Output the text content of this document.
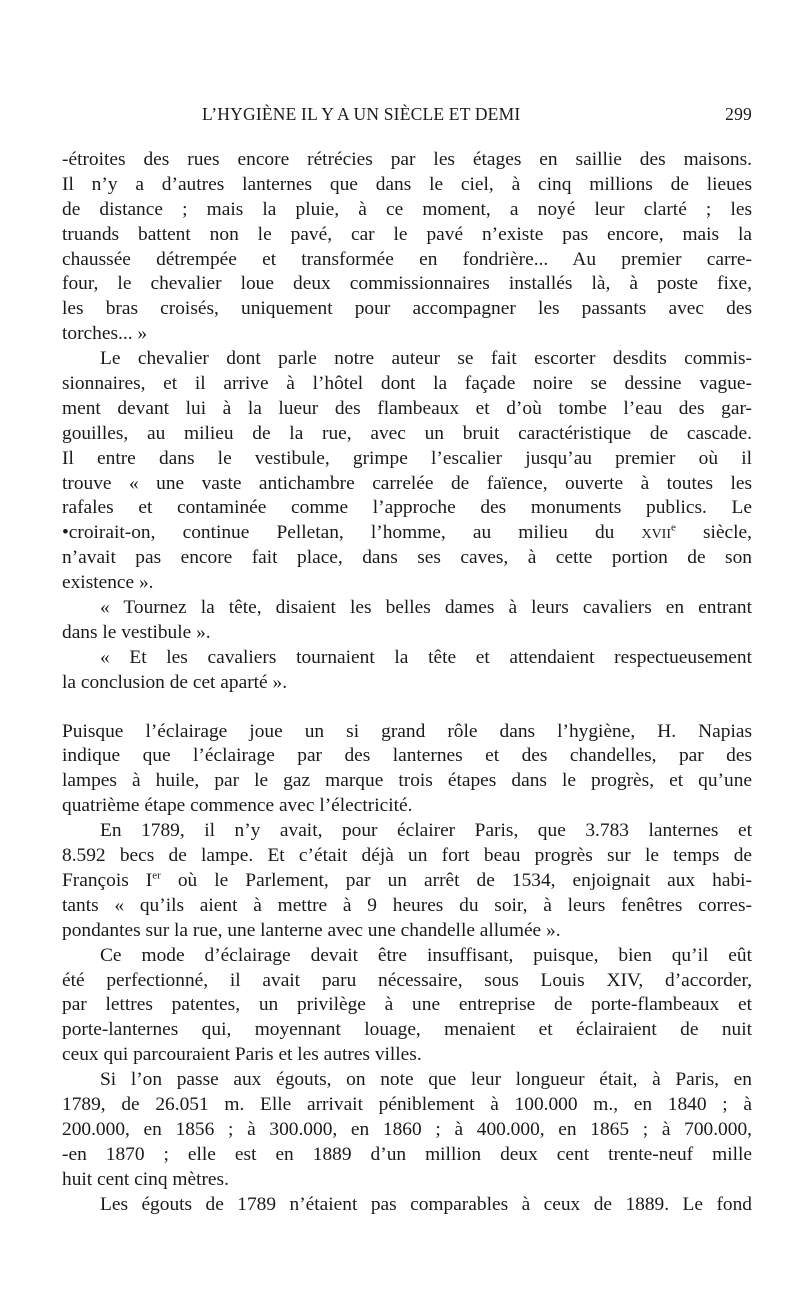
L’HYGIÈNE IL Y A UN SIÈCLE ET DEMI	299
-étroites des rues encore rétrécies par les étages en saillie des maisons.
Il n’y a d’autres lanternes que dans le ciel, à cinq millions de lieues
de distance ; mais la pluie, à ce moment, a noyé leur clarté ; les
truands battent non le pavé, car le pavé n’existe pas encore, mais la
chaussée détrempée et transformée en fondrière... Au premier carre-
four, le chevalier loue deux commissionnaires installés là, à poste fixe,
les bras croisés, uniquement pour accompagner les passants avec des
torches... »
Le chevalier dont parle notre auteur se fait escorter desdits commis-
sionnaires, et il arrive à l’hôtel dont la façade noire se dessine vague-
ment devant lui à la lueur des flambeaux et d’où tombe l’eau des gar-
gouilles, au milieu de la rue, avec un bruit caractéristique de cascade.
Il entre dans le vestibule, grimpe l’escalier jusqu’au premier où il
trouve « une vaste antichambre carrelée de faïence, ouverte à toutes les
rafales et contaminée comme l’approche des monuments publics. Le
•croirait-on, continue Pelletan, l’homme, au milieu du xvii$^e$ siècle,
n’avait pas encore fait place, dans ses caves, à cette portion de son
existence ».
« Tournez la tête, disaient les belles dames à leurs cavaliers en entrant
dans le vestibule ».
« Et les cavaliers tournaient la tête et attendaient respectueusement
la conclusion de cet aparté ».
Puisque l’éclairage joue un si grand rôle dans l’hygiène, H. Napias
indique que l’éclairage par des lanternes et des chandelles, par des
lampes à huile, par le gaz marque trois étapes dans le progrès, et qu’une
quatrième étape commence avec l’électricité.
En 1789, il n’y avait, pour éclairer Paris, que 3.783 lanternes et
8.592 becs de lampe. Et c’était déjà un fort beau progrès sur le temps de
François Ier où le Parlement, par un arrêt de 1534, enjoignait aux habi-
tants « qu’ils aient à mettre à 9 heures du soir, à leurs fenêtres corres-
pondantes sur la rue, une lanterne avec une chandelle allumée ».
Ce mode d’éclairage devait être insuffisant, puisque, bien qu’il eût
été perfectionné, il avait paru nécessaire, sous Louis XIV, d’accorder,
par lettres patentes, un privilège à une entreprise de porte-flambeaux et
porte-lanternes qui, moyennant louage, menaient et éclairaient de nuit
ceux qui parcouraient Paris et les autres villes.
Si l’on passe aux égouts, on note que leur longueur était, à Paris, en
1789, de 26.051 m. Elle arrivait péniblement à 100.000 m., en 1840 ; à
200.000, en 1856 ; à 300.000, en 1860 ; à 400.000, en 1865 ; à 700.000,
-en 1870 ; elle est en 1889 d’un million deux cent trente-neuf mille
huit cent cinq mètres.
Les égouts de 1789 n’étaient pas comparables à ceux de 1889. Le fond
